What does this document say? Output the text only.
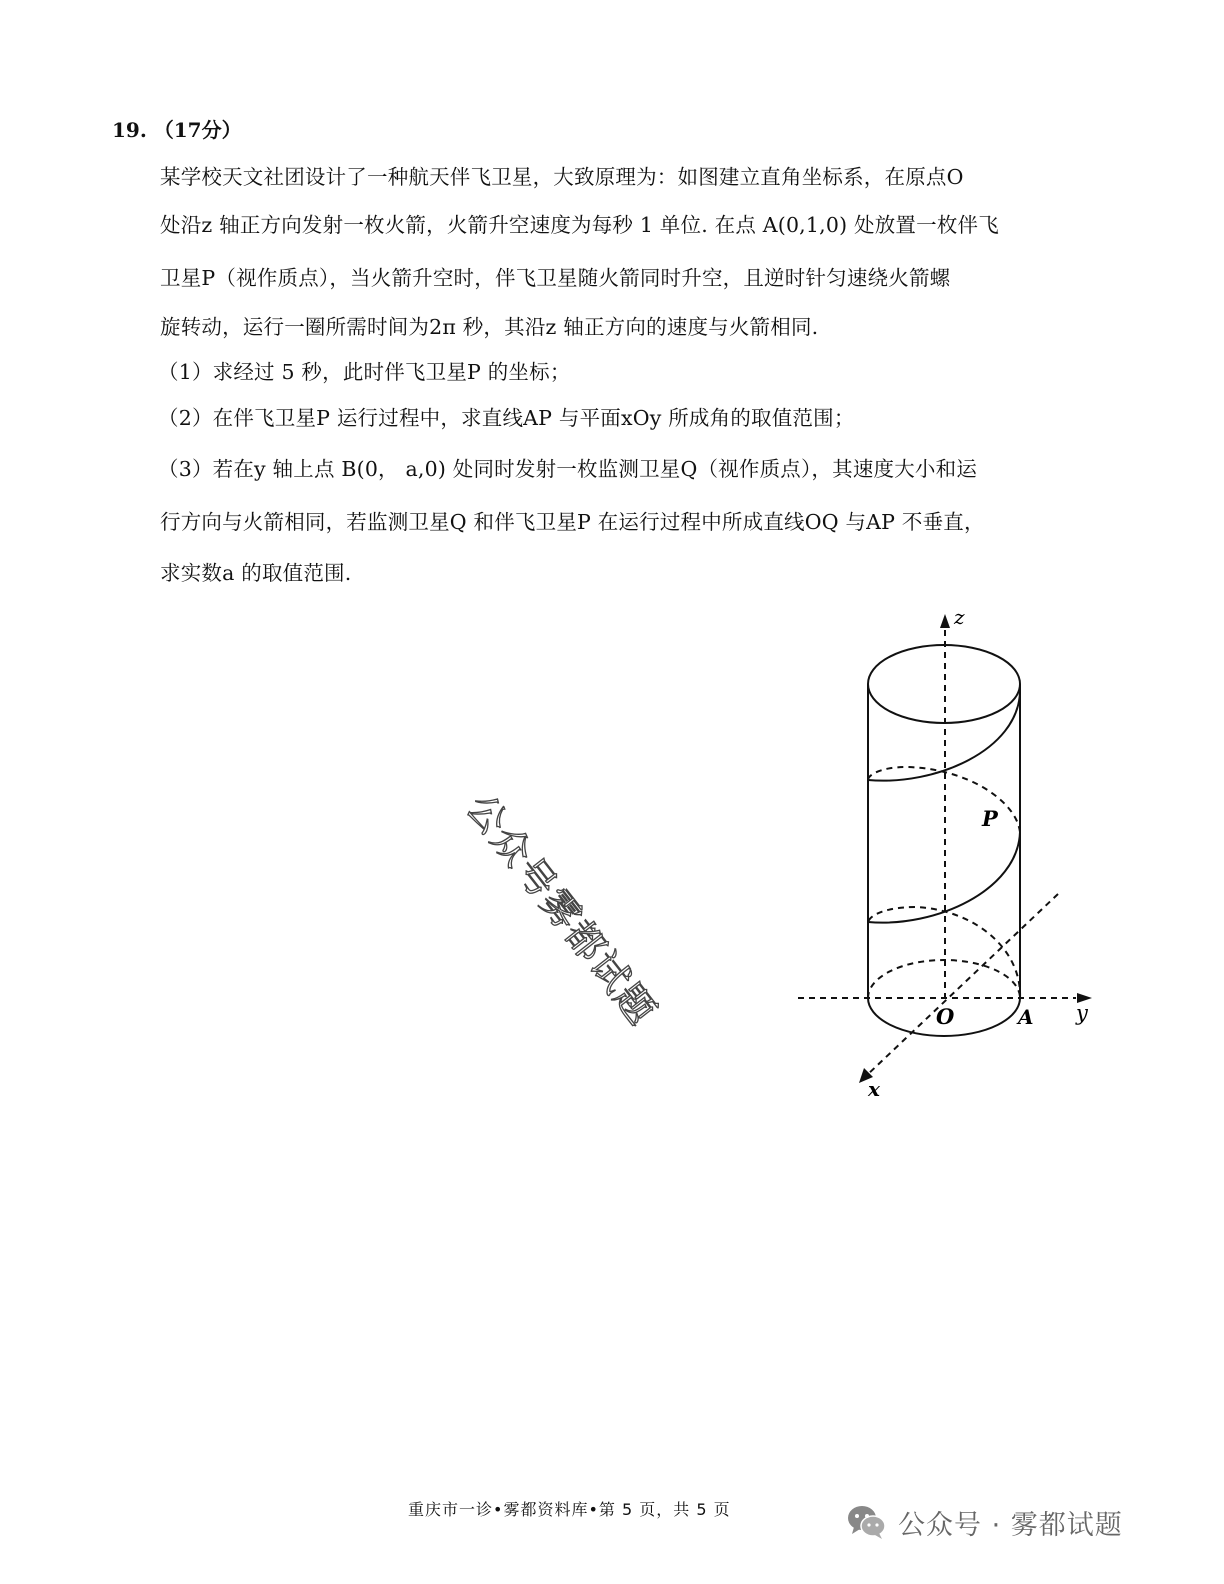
19. （17分）
某学校天文社团设计了一种航天伴飞卫星，大致原理为：如图建立直角坐标系，在原点O
处沿z 轴正方向发射一枚火箭，火箭升空速度为每秒 1 单位. 在点 A(0,1,0) 处放置一枚伴飞
卫星P（视作质点），当火箭升空时，伴飞卫星随火箭同时升空，且逆时针匀速绕火箭螺
旋转动，运行一圈所需时间为2π 秒，其沿z 轴正方向的速度与火箭相同.
（1）求经过 5 秒，此时伴飞卫星P 的坐标；
（2）在伴飞卫星P 运行过程中，求直线AP 与平面xOy 所成角的取值范围；
（3）若在y 轴上点 B(0， a,0) 处同时发射一枚监测卫星Q（视作质点），其速度大小和运
行方向与火箭相同，若监测卫星Q 和伴飞卫星P 在运行过程中所成直线OQ 与AP 不垂直，
求实数a 的取值范围.
z
P
O	A y
x
公众号雾都试题
重庆市一诊•雾都资料库•第 5 页，共 5 页	公众号 · 雾都试题
